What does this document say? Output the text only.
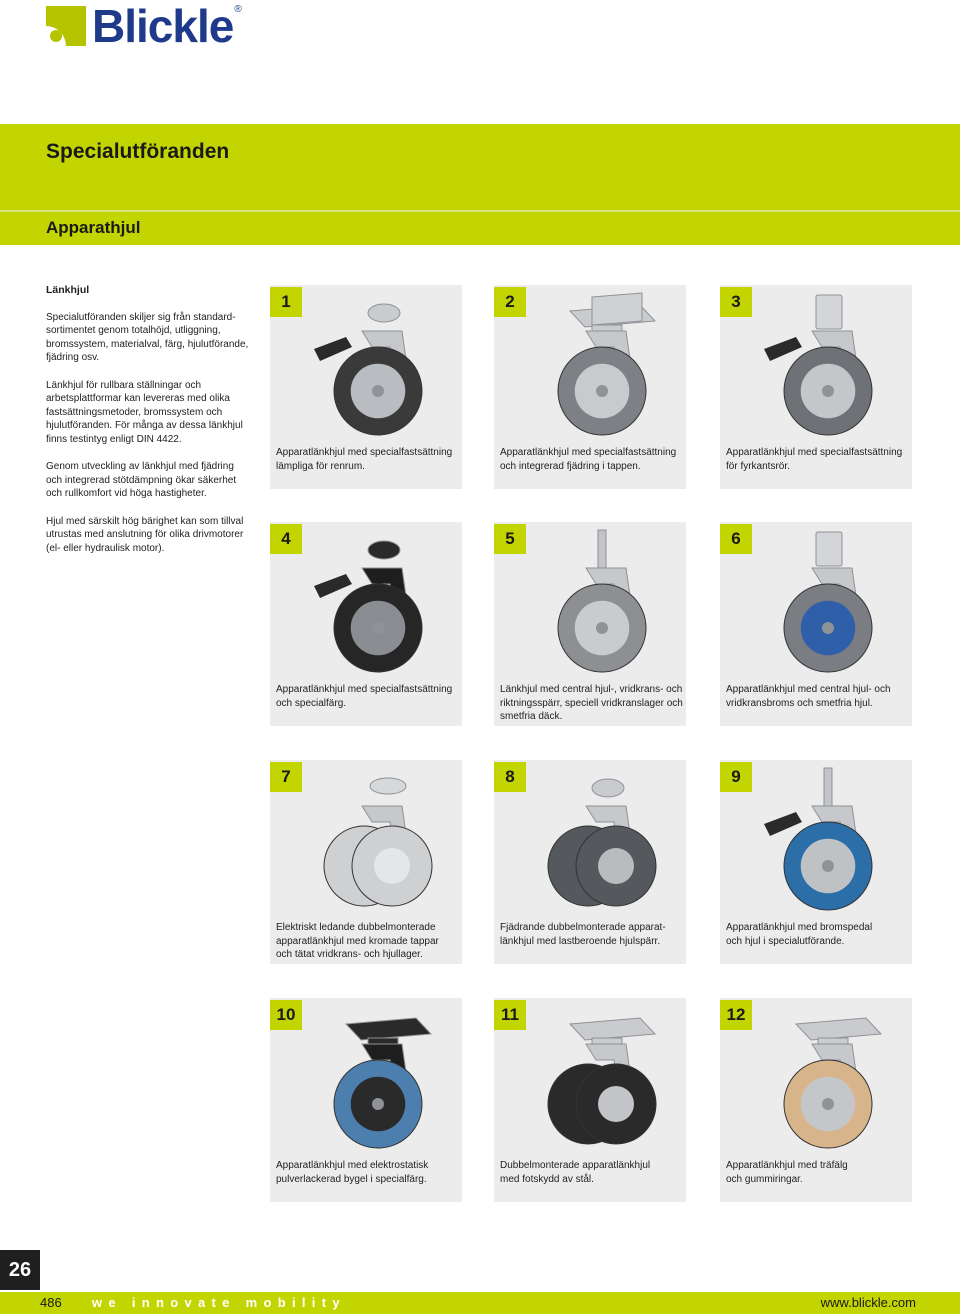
Blickle ®
Specialutföranden
Apparathjul
Länkhjul

Specialutföranden skiljer sig från standard-
sortimentet genom totalhöjd, utliggning,
bromssystem, materialval, färg, hjulutförande,
fjädring osv.

Länkhjul för rullbara ställningar och
arbetsplattformar kan levereras med olika
fastsättningsmetoder, bromssystem och
hjulutföranden. För många av dessa länkhjul
finns testintyg enligt DIN 4422.

Genom utveckling av länkhjul med fjädring
och integrerad stötdämpning ökar säkerhet
och rullkomfort vid höga hastigheter.

Hjul med särskilt hög bärighet kan som tillval
utrustas med anslutning för olika drivmotorer
(el- eller hydraulisk motor).

1
Apparatlänkhjul med specialfastsättning
lämpliga för renrum.
2
Apparatlänkhjul med specialfastsättning
och integrerad fjädring i tappen.
3
Apparatlänkhjul med specialfastsättning
för fyrkantsrör.
4
Apparatlänkhjul med specialfastsättning
och specialfärg.
5
Länkhjul med central hjul-, vridkrans- och
riktningsspärr, speciell vridkranslager och
smetfria däck.
6
Apparatlänkhjul med central hjul- och
vridkransbroms och smetfria hjul.
7
Elektriskt ledande dubbelmonterade
apparatlänkhjul med kromade tappar
och tätat vridkrans- och hjullager.
8
Fjädrande dubbelmonterade apparat-
länkhjul med lastberoende hjulspärr.
9
Apparatlänkhjul med bromspedal
och hjul i specialutförande.
10
Apparatlänkhjul med elektrostatisk
pulverlackerad bygel i specialfärg.
11
Dubbelmonterade apparatlänkhjul
med fotskydd av stål.
12
Apparatlänkhjul med träfälg
och gummiringar.
26
486 we innovate mobility	www.blickle.com
